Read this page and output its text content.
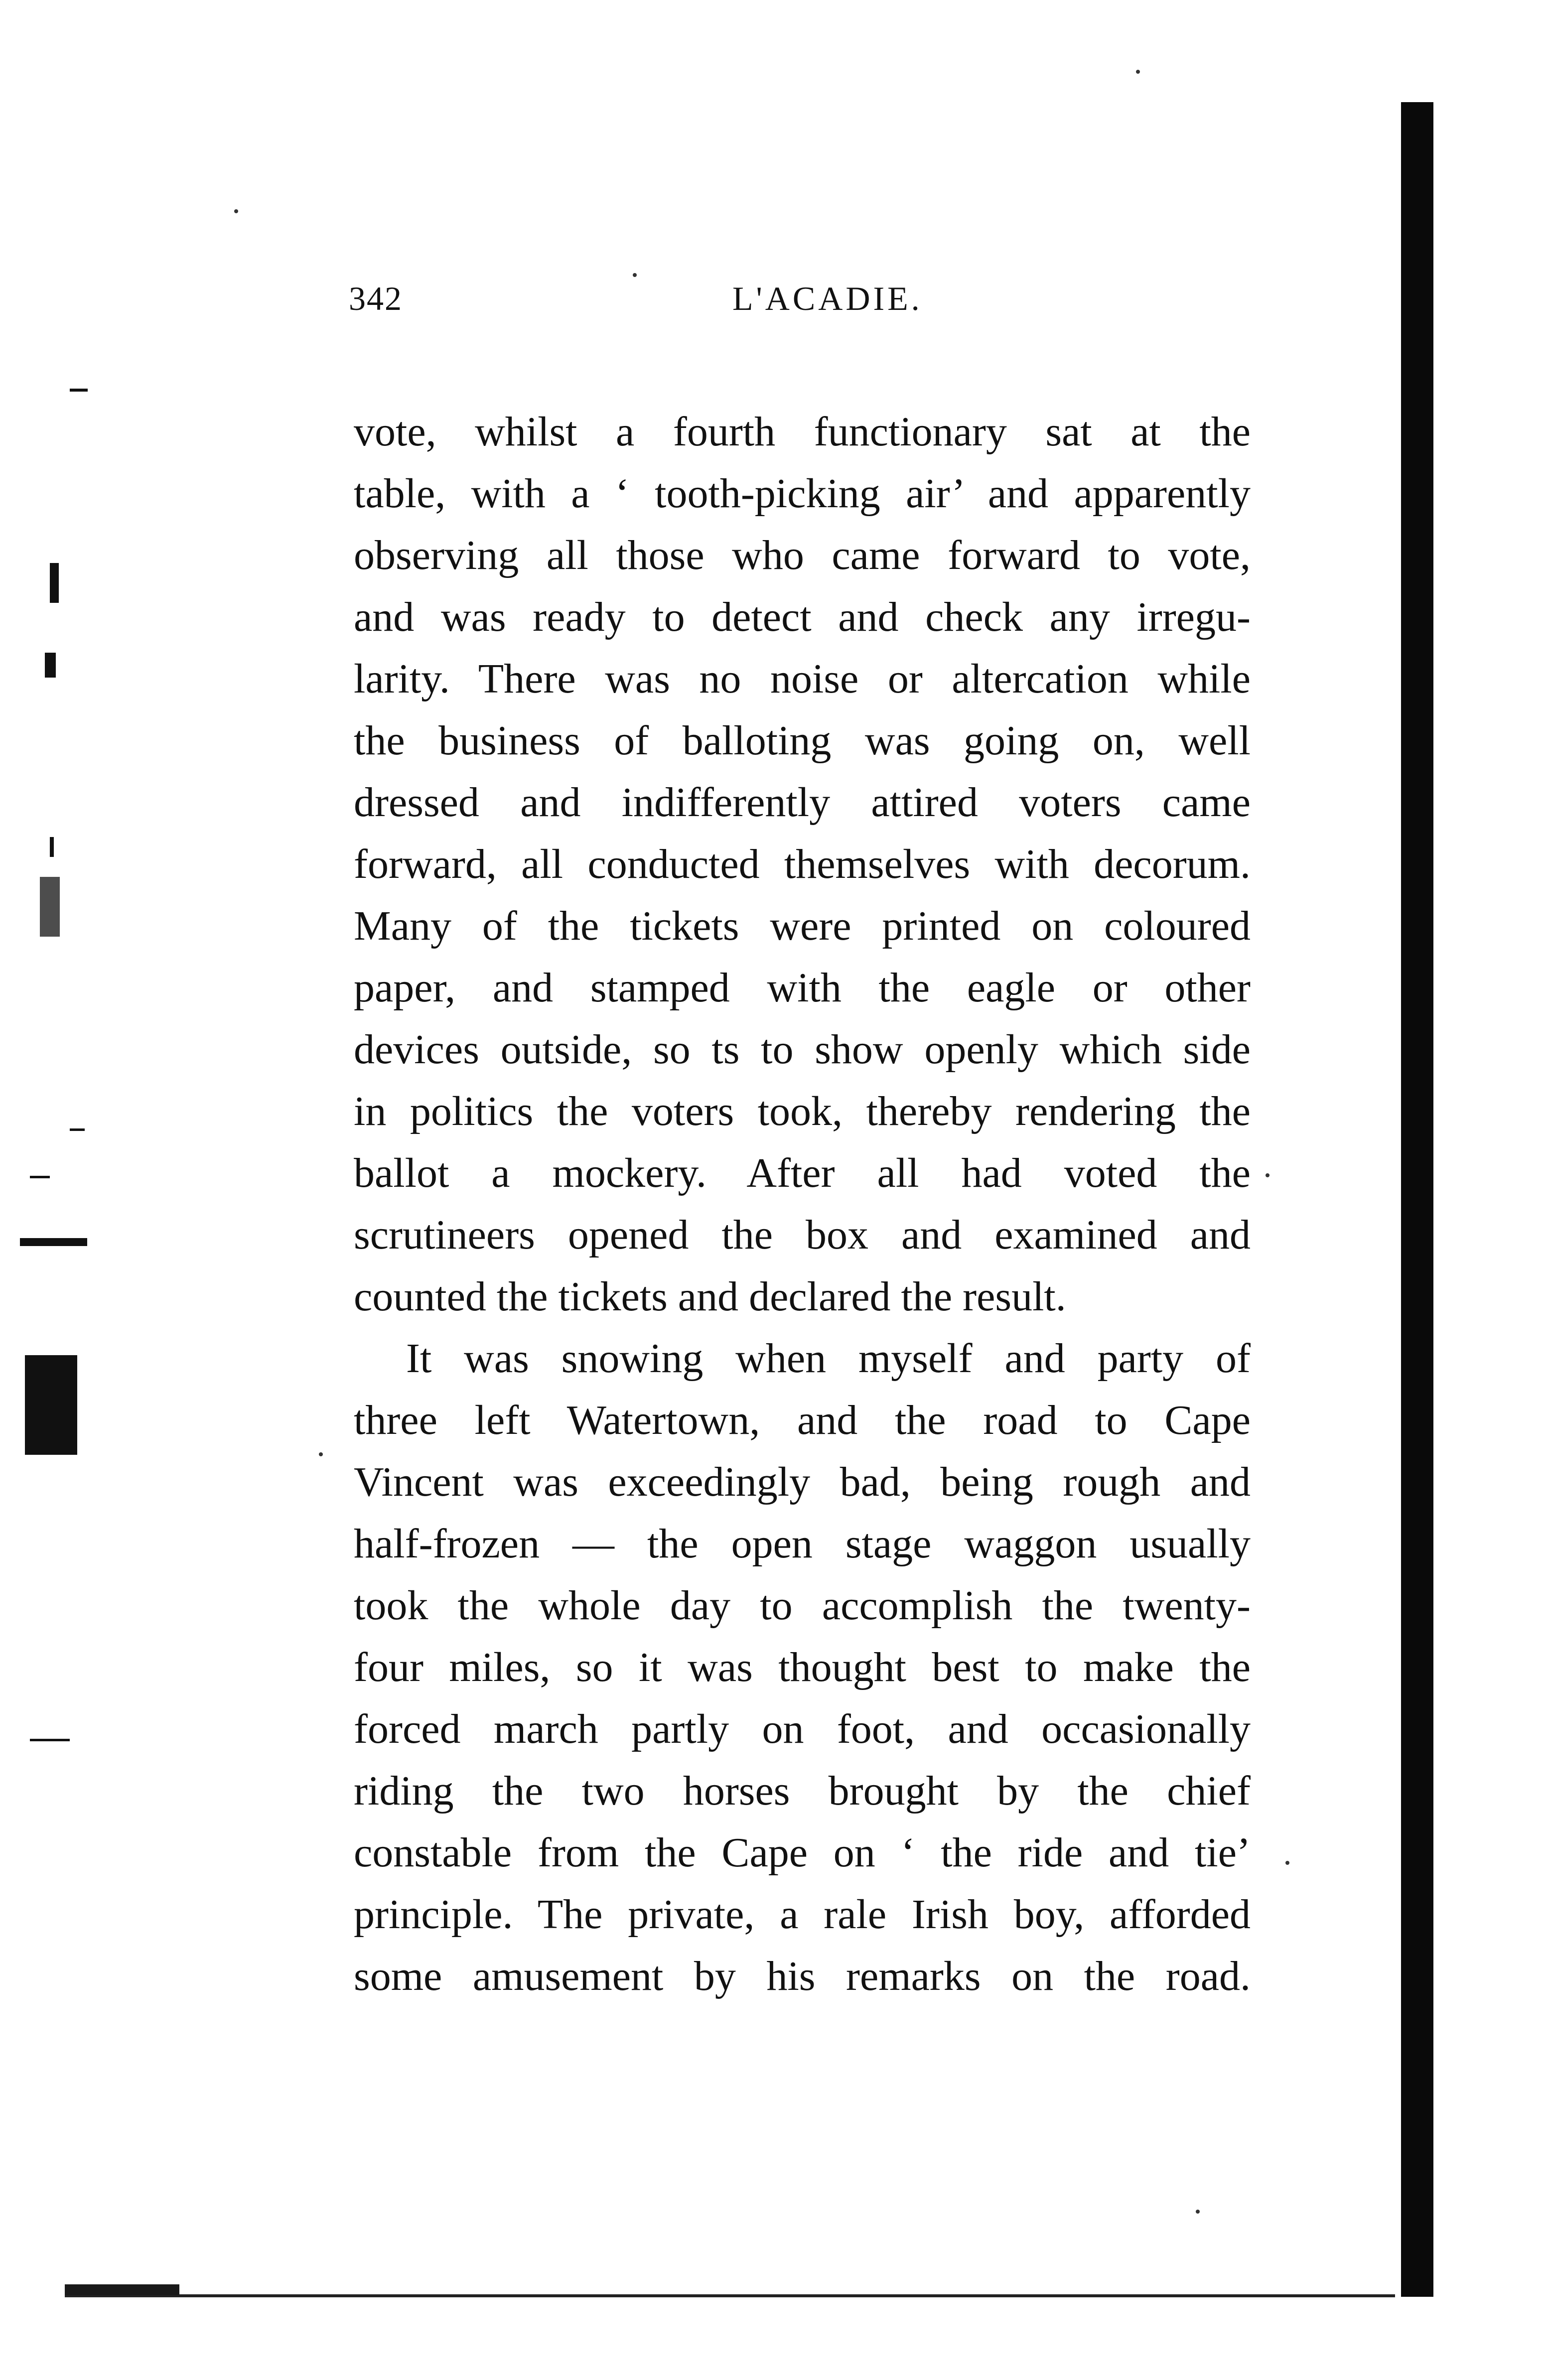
342	L'ACADIE.
vote, whilst a fourth functionary sat at the
table, with a ‘ tooth-picking air’ and apparently
observing all those who came forward to vote,
and was ready to detect and check any irregu-
larity. There was no noise or altercation while
the business of balloting was going on, well
dressed and indifferently attired voters came
forward, all conducted themselves with decorum.
Many of the tickets were printed on coloured
paper, and stamped with the eagle or other
devices outside, so ts to show openly which side
in politics the voters took, thereby rendering the
ballot a mockery. After all had voted the
scrutineers opened the box and examined and
counted the tickets and declared the result.
It was snowing when myself and party of
three left Watertown, and the road to Cape
Vincent was exceedingly bad, being rough and
half-frozen — the open stage waggon usually
took the whole day to accomplish the twenty-
four miles, so it was thought best to make the
forced march partly on foot, and occasionally
riding the two horses brought by the chief
constable from the Cape on ‘ the ride and tie’
principle. The private, a rale Irish boy, afforded
some amusement by his remarks on the road.
